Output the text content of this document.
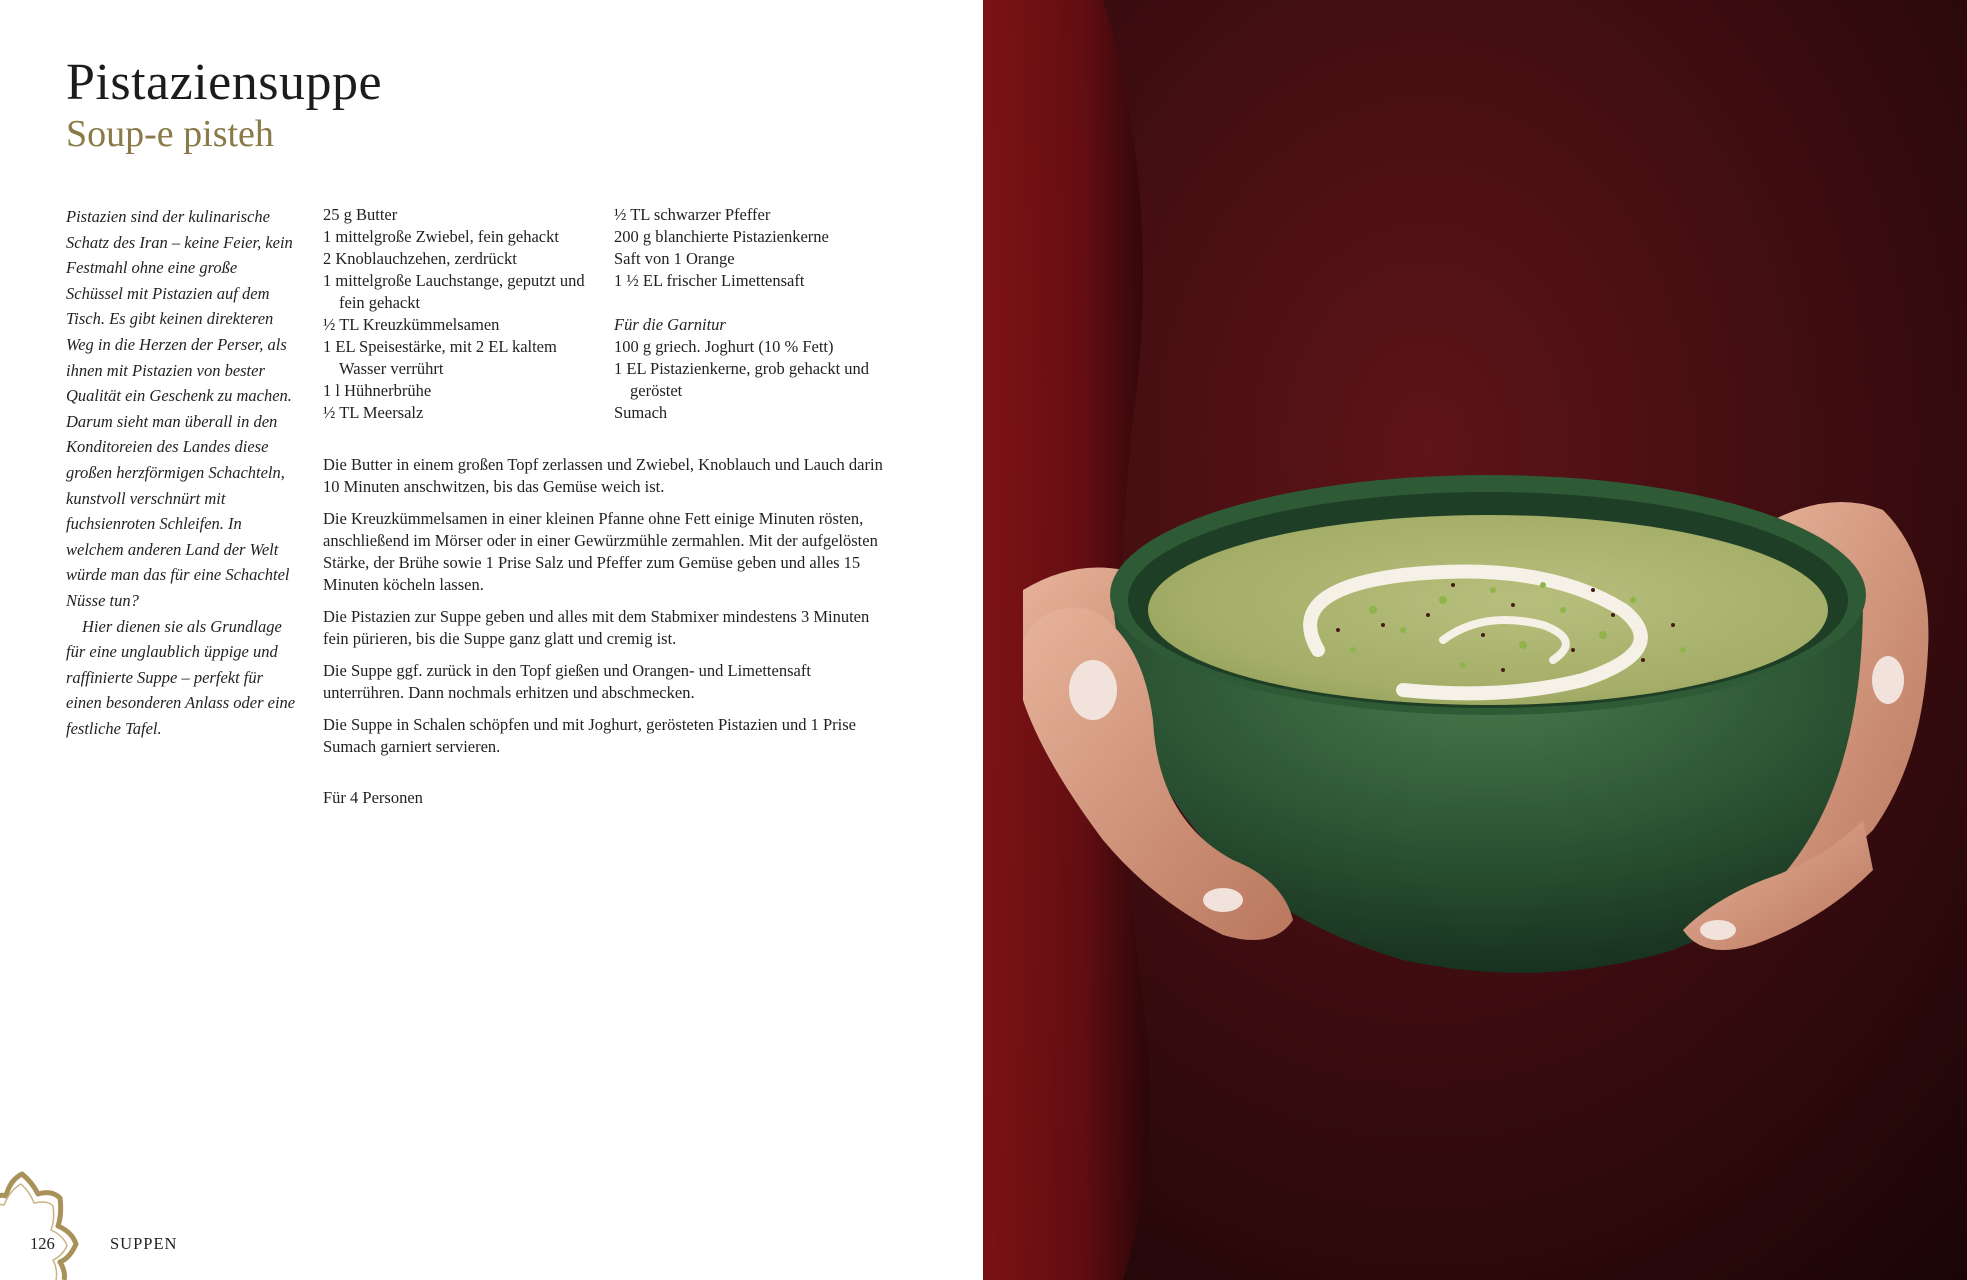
Pistaziensuppe
Soup-e pisteh

Pistazien sind der kulinarische Schatz des Iran – keine Feier, kein Festmahl ohne eine große Schüssel mit Pistazien auf dem Tisch. Es gibt keinen direkteren Weg in die Herzen der Perser, als ihnen mit Pistazien von bester Qualität ein Geschenk zu machen. Darum sieht man überall in den Konditoreien des Landes diese großen herzförmigen Schachteln, kunstvoll verschnürt mit fuchsienroten Schleifen. In welchem anderen Land der Welt würde man das für eine Schachtel Nüsse tun?

Hier dienen sie als Grundlage für eine unglaublich üppige und raffinierte Suppe – perfekt für einen besonderen Anlass oder eine festliche Tafel.

25 g Butter

1 mittelgroße Zwiebel, fein gehackt

2 Knoblauchzehen, zerdrückt

1 mittelgroße Lauchstange, geputzt und fein gehackt

½ TL Kreuzkümmelsamen

1 EL Speisestärke, mit 2 EL kaltem Wasser verrührt

1 l Hühnerbrühe

½ TL Meersalz

½ TL schwarzer Pfeffer

200 g blanchierte Pistazienkerne

Saft von 1 Orange

1 ½ EL frischer Limettensaft

Für die Garnitur

100 g griech. Joghurt (10 % Fett)

1 EL Pistazienkerne, grob gehackt und geröstet

Sumach

Die Butter in einem großen Topf zerlassen und Zwiebel, Knoblauch und Lauch darin 10 Minuten anschwitzen, bis das Gemüse weich ist.

Die Kreuzkümmelsamen in einer kleinen Pfanne ohne Fett einige Minuten rösten, anschließend im Mörser oder in einer Gewürzmühle zermahlen. Mit der aufgelösten Stärke, der Brühe sowie 1 Prise Salz und Pfeffer zum Gemüse geben und alles 15 Minuten köcheln lassen.

Die Pistazien zur Suppe geben und alles mit dem Stabmixer mindestens 3 Minuten fein pürieren, bis die Suppe ganz glatt und cremig ist.

Die Suppe ggf. zurück in den Topf gießen und Orangen- und Limettensaft unterrühren. Dann nochmals erhitzen und abschmecken.

Die Suppe in Schalen schöpfen und mit Joghurt, gerösteten Pistazien und 1 Prise Sumach garniert servieren.

Für 4 Personen

126	SUPPEN
